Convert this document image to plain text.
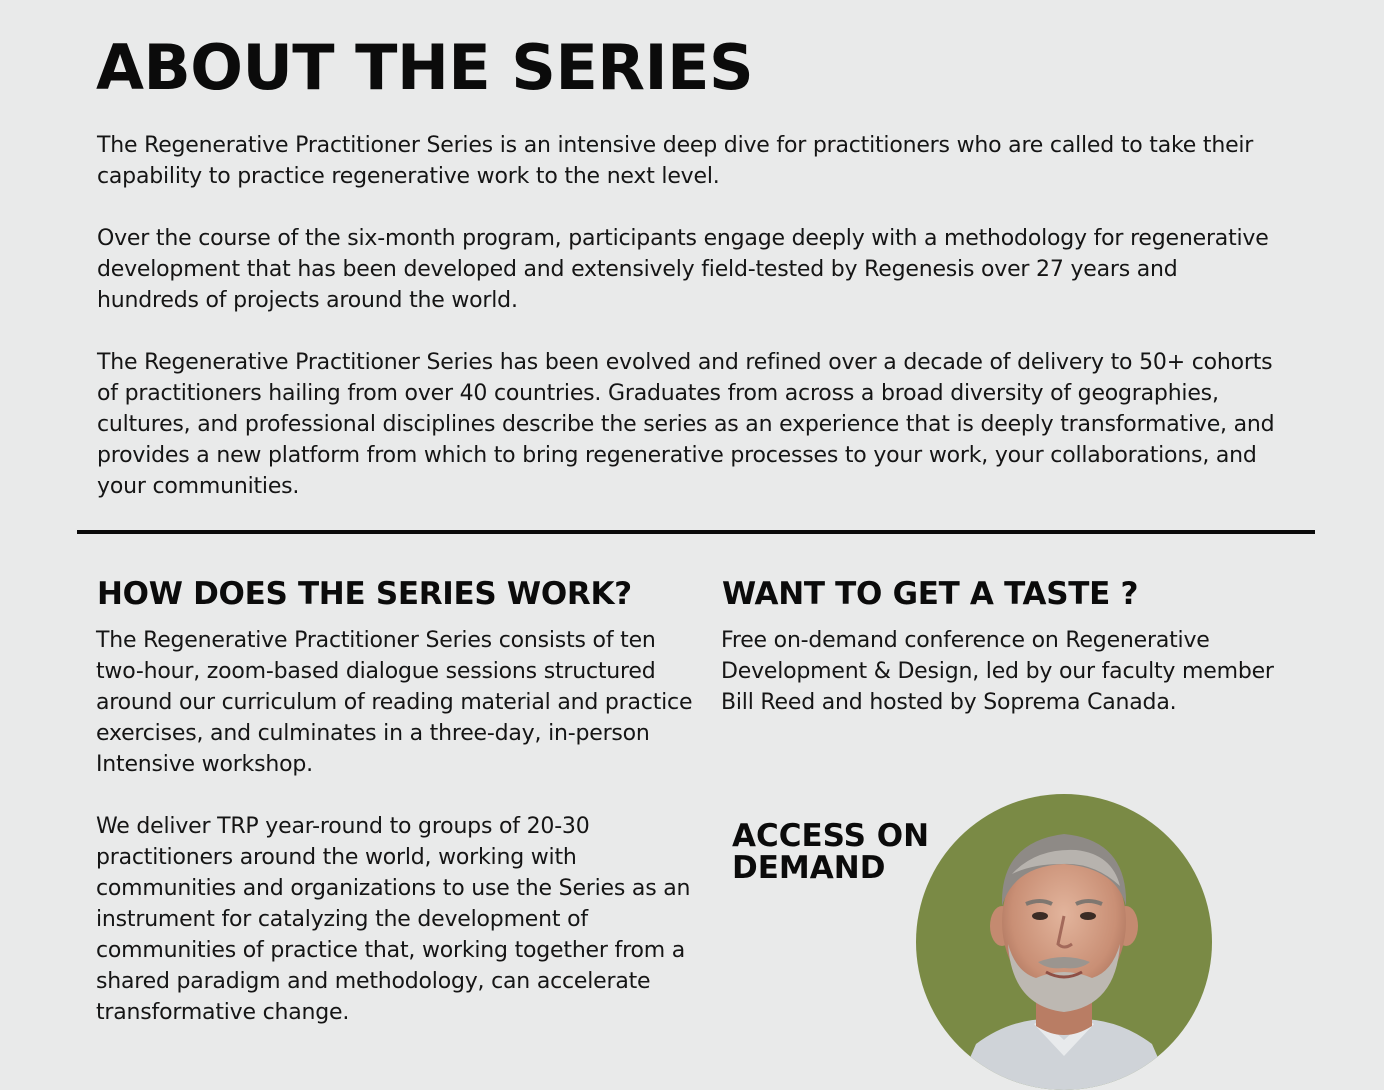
ABOUT THE SERIES

The Regenerative Practitioner Series is an intensive deep dive for practitioners who are called to take their capability to practice regenerative work to the next level.

Over the course of the six-month program, participants engage deeply with a methodology for regenerative development that has been developed and extensively field-tested by Regenesis over 27 years and hundreds of projects around the world.

The Regenerative Practitioner Series has been evolved and refined over a decade of delivery to 50+ cohorts of practitioners hailing from over 40 countries. Graduates from across a broad diversity of geographies, cultures, and professional disciplines describe the series as an experience that is deeply transformative, and provides a new platform from which to bring regenerative processes to your work, your collaborations, and your communities.

HOW DOES THE SERIES WORK?

The Regenerative Practitioner Series consists of ten two-hour, zoom-based dialogue sessions structured around our curriculum of reading material and practice exercises, and culminates in a three-day, in-person Intensive workshop.

We deliver TRP year-round to groups of 20-30 practitioners around the world, working with communities and organizations to use the Series as an instrument for catalyzing the development of communities of practice that, working together from a shared paradigm and methodology, can accelerate transformative change.

WANT TO GET A TASTE ?

Free on-demand conference on Regenerative Development & Design, led by our faculty member Bill Reed and hosted by Soprema Canada.

ACCESS ON
DEMAND
